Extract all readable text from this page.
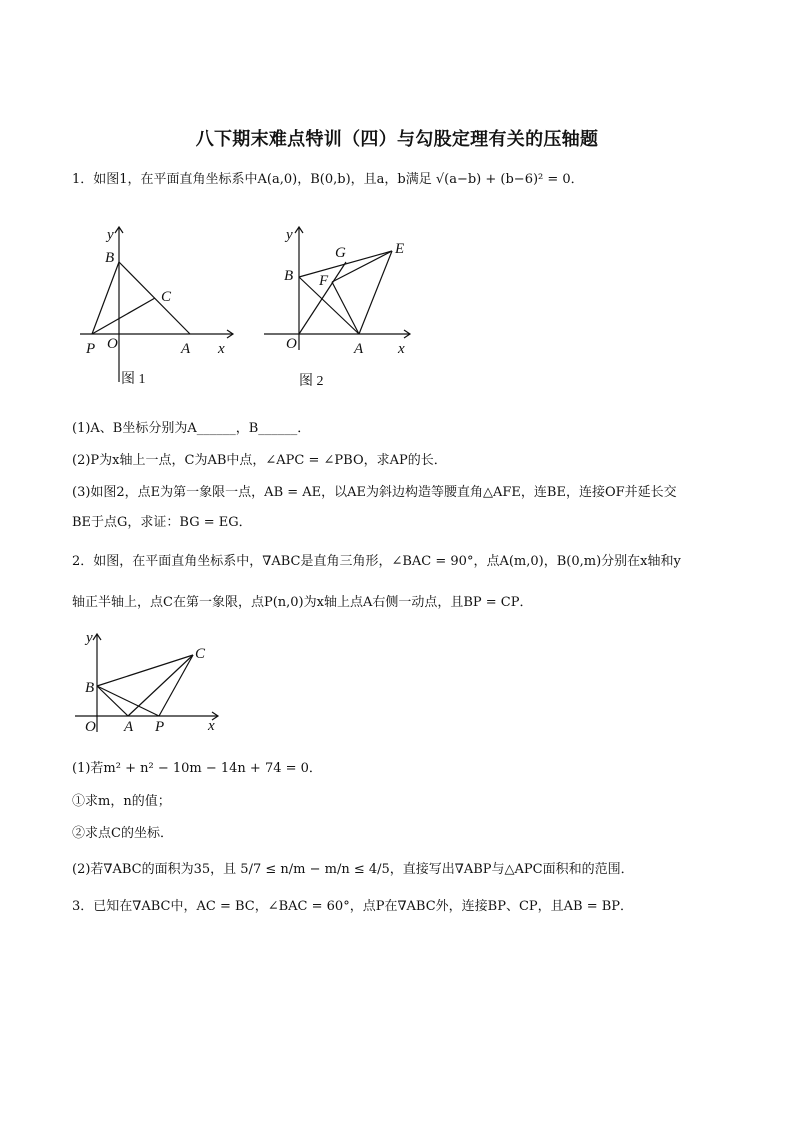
八下期末难点特训（四）与勾股定理有关的压轴题
1．如图1，在平面直角坐标系中A(a,0)，B(0,b)，且a，b满足 √(a−b) + (b−6)² = 0．
y
B
C
P O	A x
图 1
y
B
G	E
F
O	A x
图 2
(1)A、B坐标分别为A______，B______．
(2)P为x轴上一点，C为AB中点，∠APC = ∠PBO，求AP的长．
(3)如图2，点E为第一象限一点，AB = AE，以AE为斜边构造等腰直角△AFE，连BE，连接OF并延长交
BE于点G，求证：BG = EG．
2．如图，在平面直角坐标系中，∇ABC是直角三角形，∠BAC = 90°，点A(m,0)，B(0,m)分别在x轴和y
轴正半轴上，点C在第一象限，点P(n,0)为x轴上点A右侧一动点，且BP = CP．
y
C
B
O A P	x
(1)若m² + n² − 10m − 14n + 74 = 0．
①求m，n的值；
②求点C的坐标．
(2)若∇ABC的面积为35，且 5/7 ≤ n/m − m/n ≤ 4/5，直接写出∇ABP与△APC面积和的范围．
3．已知在∇ABC中，AC = BC，∠BAC = 60°，点P在∇ABC外，连接BP、CP，且AB = BP．
